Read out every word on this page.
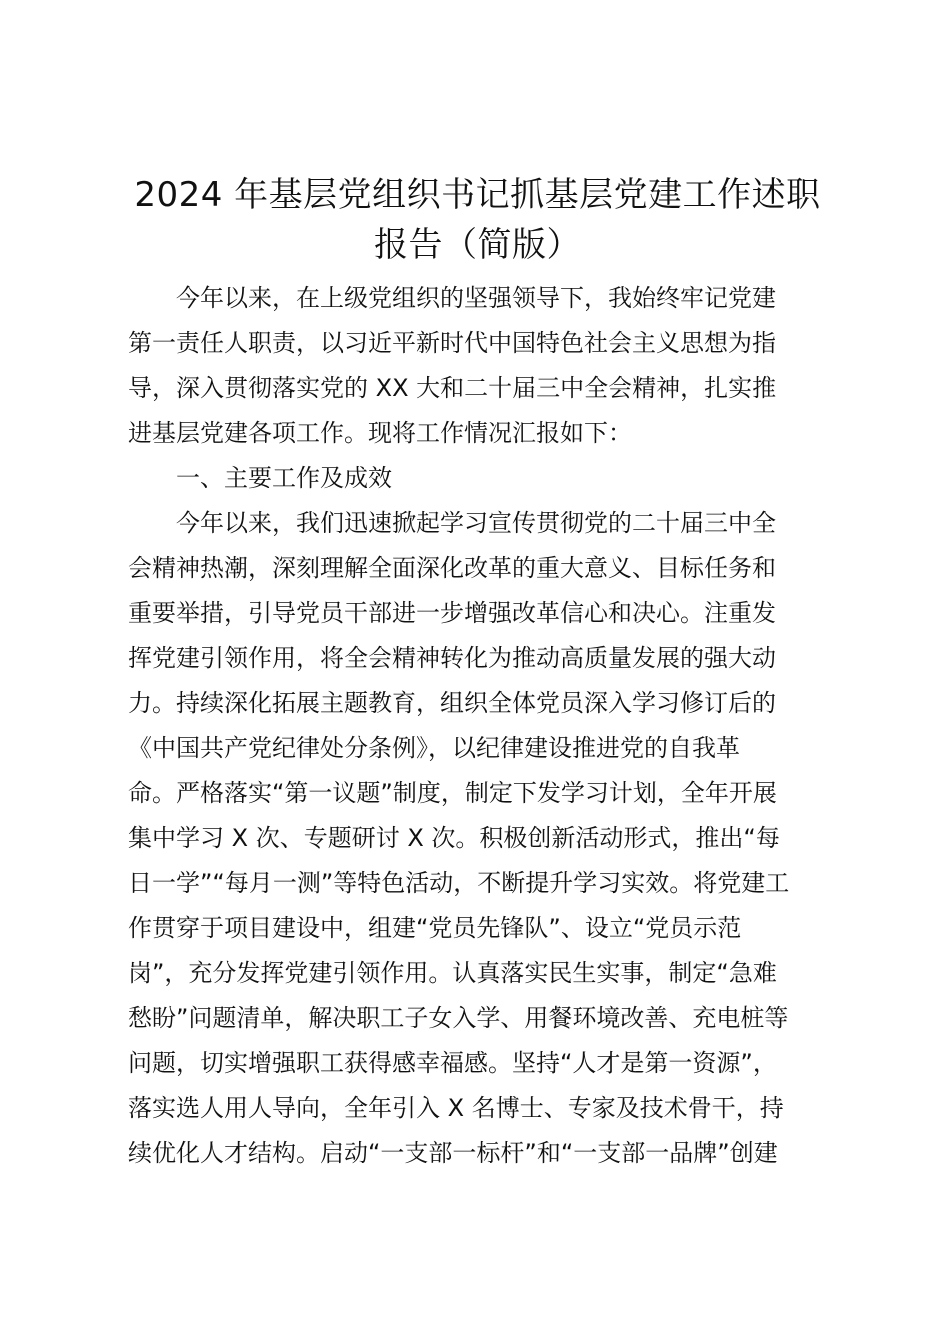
2024 年基层党组织书记抓基层党建工作述职
报告（简版）
今年以来，在上级党组织的坚强领导下，我始终牢记党建
第一责任人职责，以习近平新时代中国特色社会主义思想为指
导，深入贯彻落实党的 XX 大和二十届三中全会精神，扎实推
进基层党建各项工作。现将工作情况汇报如下：
一、主要工作及成效
今年以来，我们迅速掀起学习宣传贯彻党的二十届三中全
会精神热潮，深刻理解全面深化改革的重大意义、目标任务和
重要举措，引导党员干部进一步增强改革信心和决心。注重发
挥党建引领作用，将全会精神转化为推动高质量发展的强大动
力。持续深化拓展主题教育，组织全体党员深入学习修订后的
《中国共产党纪律处分条例》，以纪律建设推进党的自我革
命。严格落实“第一议题”制度，制定下发学习计划，全年开展
集中学习 X 次、专题研讨 X 次。积极创新活动形式，推出“每
日一学”“每月一测”等特色活动，不断提升学习实效。将党建工
作贯穿于项目建设中，组建“党员先锋队”、设立“党员示范
岗”，充分发挥党建引领作用。认真落实民生实事，制定“急难
愁盼”问题清单，解决职工子女入学、用餐环境改善、充电桩等
问题，切实增强职工获得感幸福感。坚持“人才是第一资源”，
落实选人用人导向，全年引入 X 名博士、专家及技术骨干，持
续优化人才结构。启动“一支部一标杆”和“一支部一品牌”创建
